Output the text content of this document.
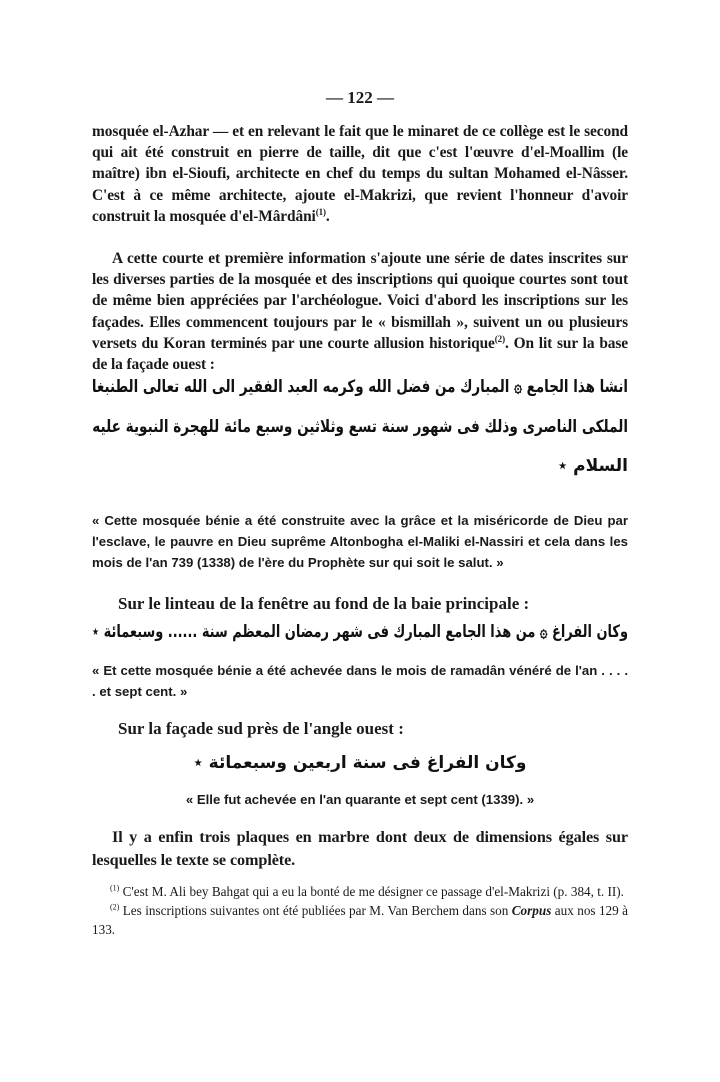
— 122 —
mosquée el-Azhar — et en relevant le fait que le minaret de ce collège est le second qui ait été construit en pierre de taille, dit que c'est l'œuvre d'el-Moallim (le maître) ibn el-Sioufi, architecte en chef du temps du sultan Mohamed el-Nâsser. C'est à ce même architecte, ajoute el-Makrizi, que revient l'honneur d'avoir construit la mosquée d'el-Mârdâni$^{(1)}$.
A cette courte et première information s'ajoute une série de dates inscrites sur les diverses parties de la mosquée et des inscriptions qui quoique courtes sont tout de même bien appréciées par l'archéologue. Voici d'abord les inscriptions sur les façades. Elles commencent toujours par le « bismillah », suivent un ou plusieurs versets du Koran terminés par une courte allusion historique$^{(2)}$. On lit sur la base de la façade ouest :
انشا هذا الجامع ۞ المبارك من فضل الله وكرمه العبد الفقير الى الله تعالى الطنبغا
الملكى الناصرى وذلك فى شهور سنة تسع وثلاثين وسبع مائة للهجرة النبوية عليه
السلام ٭
« Cette mosquée bénie a été construite avec la grâce et la miséricorde de Dieu par l'esclave, le pauvre en Dieu suprême Altonbogha el-Maliki el-Nassiri et cela dans les mois de l'an 739 (1338) de l'ère du Prophète sur qui soit le salut. »
Sur le linteau de la fenêtre au fond de la baie principale :
وكان الفراغ ۞ من هذا الجامع المبارك فى شهر رمضان المعظم سنة ...... وسبعمائة ٭
« Et cette mosquée bénie a été achevée dans le mois de ramadân vénéré de l'an . . . . . et sept cent. »
Sur la façade sud près de l'angle ouest :
وكان الفراغ فى سنة اربعين وسبعمائة ٭
« Elle fut achevée en l'an quarante et sept cent (1339). »
Il y a enfin trois plaques en marbre dont deux de dimensions égales sur lesquelles le texte se complète.

$^{(1)}$ C'est M. Ali bey Bahgat qui a eu la bonté de me désigner ce passage d'el-Makrizi (p. 384, t. II).

$^{(2)}$ Les inscriptions suivantes ont été publiées par M. Van Berchem dans son Corpus aux nos 129 à 133.
